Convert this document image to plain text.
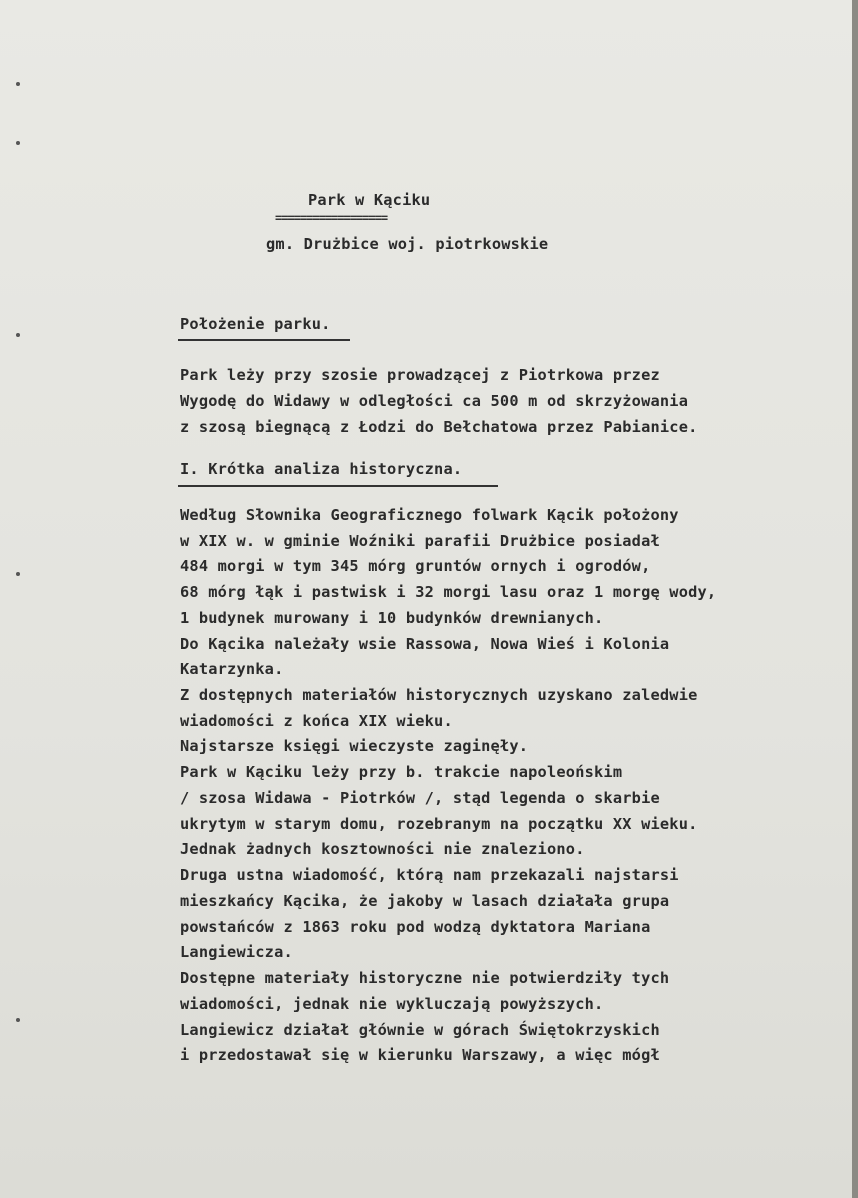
Park w Kąciku
==================
gm. Drużbice woj. piotrkowskie
Położenie parku.
Park leży przy szosie prowadzącej z Piotrkowa przez
Wygodę do Widawy w odległości ca 500 m od skrzyżowania
z szosą biegnącą z Łodzi do Bełchatowa przez Pabianice.
I. Krótka analiza historyczna.
Według Słownika Geograficznego folwark Kącik położony
w XIX w. w gminie Woźniki parafii Drużbice posiadał
484 morgi w tym 345 mórg gruntów ornych i ogrodów,
68 mórg łąk i pastwisk i 32 morgi lasu oraz 1 morgę wody,
1 budynek murowany i 10 budynków drewnianych.
Do Kącika należały wsie Rassowa, Nowa Wieś i Kolonia
Katarzynka.
Z dostępnych materiałów historycznych uzyskano zaledwie
wiadomości z końca XIX wieku.
Najstarsze księgi wieczyste zaginęły.
Park w Kąciku leży przy b. trakcie napoleońskim
/ szosa Widawa - Piotrków /, stąd legenda o skarbie
ukrytym w starym domu, rozebranym na początku XX wieku.
Jednak żadnych kosztowności nie znaleziono.
Druga ustna wiadomość, którą nam przekazali najstarsi
mieszkańcy Kącika, że jakoby w lasach działała grupa
powstańców z 1863 roku pod wodzą dyktatora Mariana
Langiewicza.
Dostępne materiały historyczne nie potwierdziły tych
wiadomości, jednak nie wykluczają powyższych.
Langiewicz działał głównie w górach Świętokrzyskich
i przedostawał się w kierunku Warszawy, a więc mógł
